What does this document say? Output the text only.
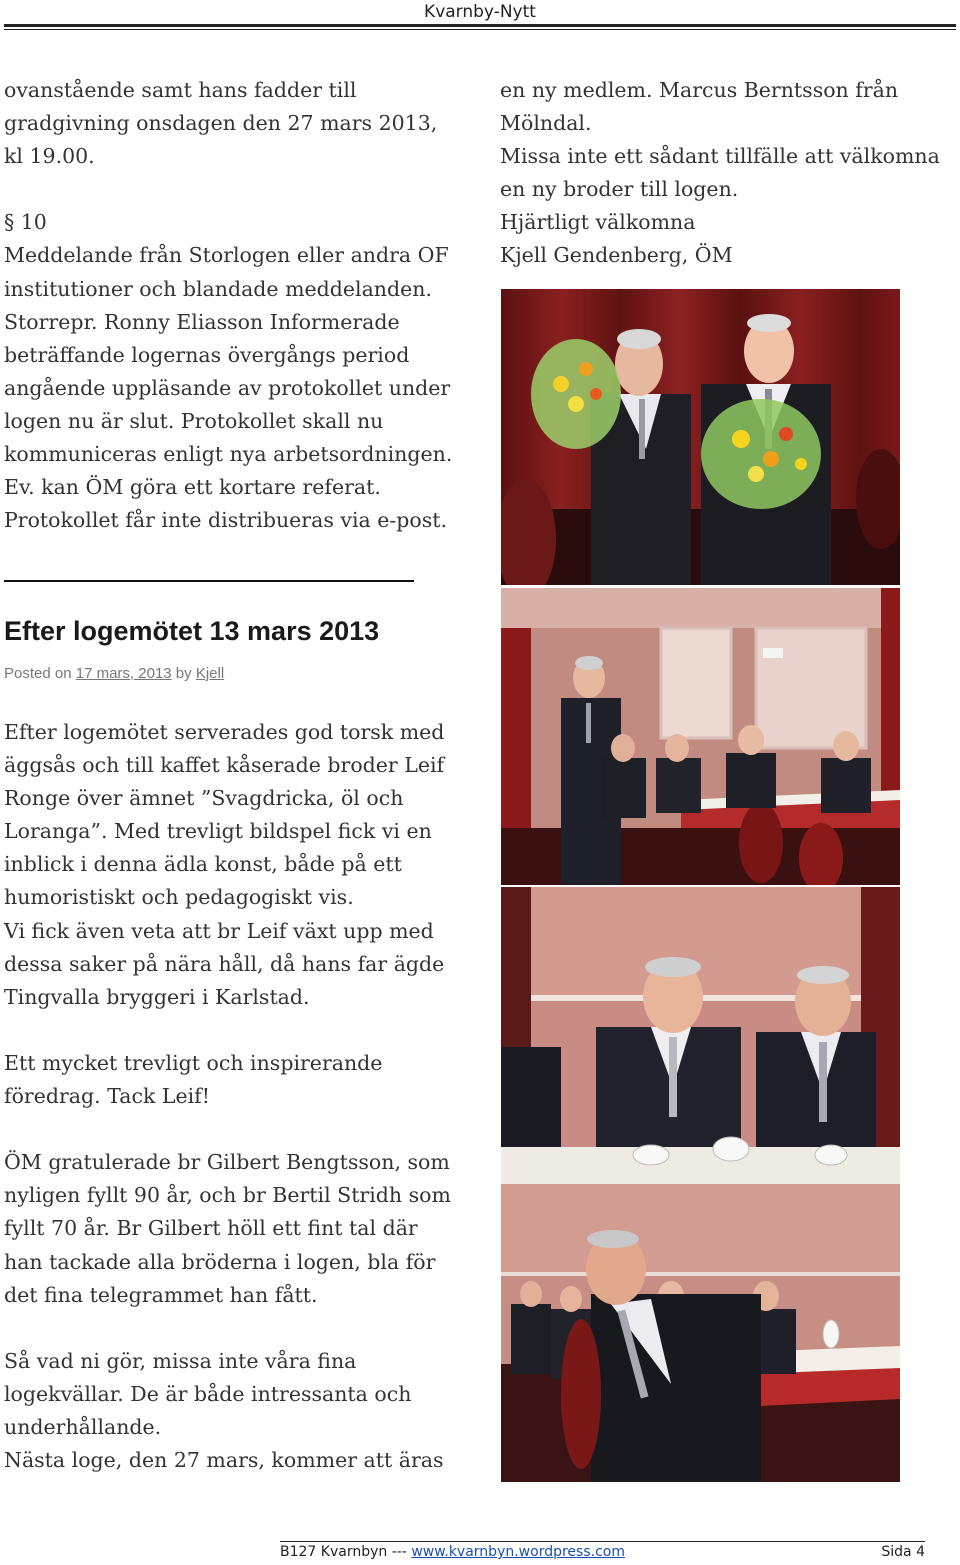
Kvarnby-Nytt

ovanstående samt hans fadder till

gradgivning onsdagen den 27 mars 2013,

kl 19.00.

§ 10

Meddelande från Storlogen eller andra OF

institutioner och blandade meddelanden.

Storrepr. Ronny Eliasson Informerade

beträffande logernas övergångs period

angående uppläsande av protokollet under

logen nu är slut. Protokollet skall nu

kommuniceras enligt nya arbetsordningen.

Ev. kan ÖM göra ett kortare referat.

Protokollet får inte distribueras via e-post.

en ny medlem. Marcus Berntsson från

Mölndal.

Missa inte ett sådant tillfälle att välkomna

en ny broder till logen.

Hjärtligt välkomna

Kjell Gendenberg, ÖM

Efter logemötet 13 mars 2013
Posted on 17 mars, 2013 by Kjell

Efter logemötet serverades god torsk med

äggsås och till kaffet kåserade broder Leif

Ronge över ämnet ”Svagdricka, öl och

Loranga”. Med trevligt bildspel fick vi en

inblick i denna ädla konst, både på ett

humoristiskt och pedagogiskt vis.

Vi fick även veta att br Leif växt upp med

dessa saker på nära håll, då hans far ägde

Tingvalla bryggeri i Karlstad.

Ett mycket trevligt och inspirerande

föredrag. Tack Leif!

ÖM gratulerade br Gilbert Bengtsson, som

nyligen fyllt 90 år, och br Bertil Stridh som

fyllt 70 år. Br Gilbert höll ett fint tal där

han tackade alla bröderna i logen, bla för

det fina telegrammet han fått.

Så vad ni gör, missa inte våra fina

logekvällar. De är både intressanta och

underhållande.

Nästa loge, den 27 mars, kommer att äras

B127 Kvarnbyn --- www.kvarnbyn.wordpress.com	Sida 4
